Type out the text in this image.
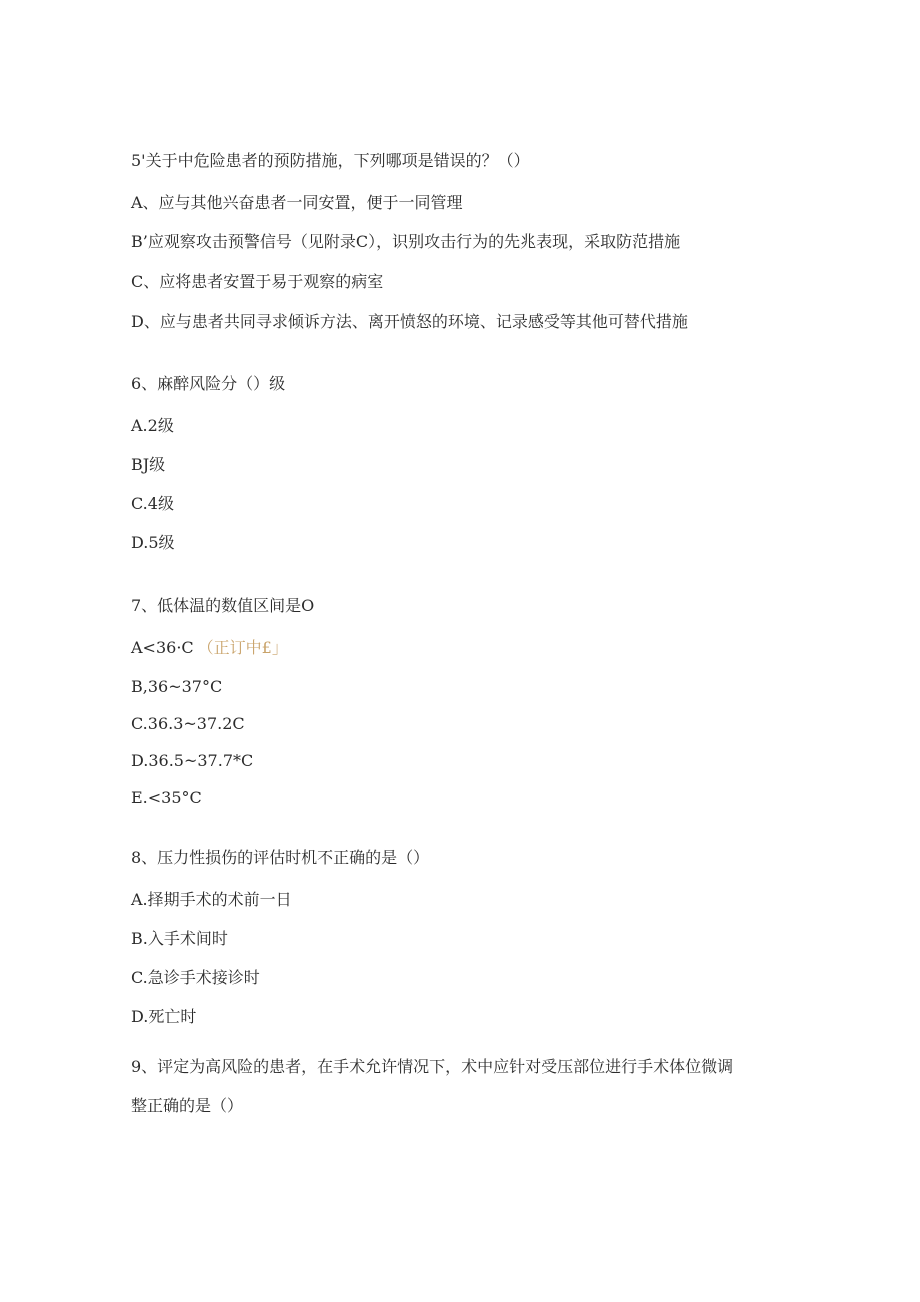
5'关于中危险患者的预防措施，下列哪项是错误的？（）
A、应与其他兴奋患者一同安置，便于一同管理
B’应观察攻击预警信号（见附录C），识别攻击行为的先兆表现，采取防范措施
C、应将患者安置于易于观察的病室
D、应与患者共同寻求倾诉方法、离开愤怒的环境、记录感受等其他可替代措施
6、麻醉风险分（）级
A.2级
BJ级
C.4级
D.5级
7、低体温的数值区间是O
A<36·C （正订中£」
B,36~37°C
C.36.3~37.2C
D.36.5~37.7*C
E.<35°C
8、压力性损伤的评估时机不正确的是（）
A.择期手术的术前一日
B.入手术间时
C.急诊手术接诊时
D.死亡时
9、评定为高风险的患者，在手术允许情况下，术中应针对受压部位进行手术体位微调
整正确的是（）
